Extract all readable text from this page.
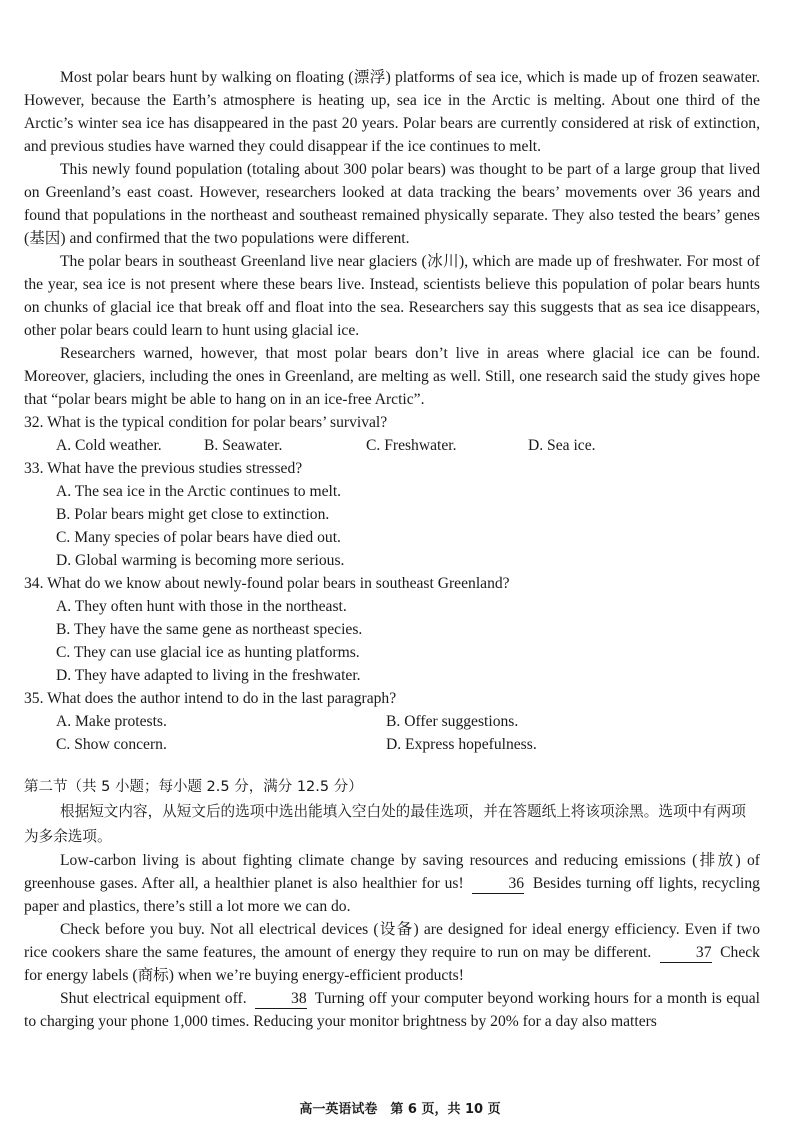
Most polar bears hunt by walking on floating (漂浮) platforms of sea ice, which is made up of frozen seawater. However, because the Earth’s atmosphere is heating up, sea ice in the Arctic is melting. About one third of the Arctic’s winter sea ice has disappeared in the past 20 years. Polar bears are currently considered at risk of extinction, and previous studies have warned they could disappear if the ice continues to melt.

This newly found population (totaling about 300 polar bears) was thought to be part of a large group that lived on Greenland’s east coast. However, researchers looked at data tracking the bears’ movements over 36 years and found that populations in the northeast and southeast remained physically separate. They also tested the bears’ genes (基因) and confirmed that the two populations were different.

The polar bears in southeast Greenland live near glaciers (冰川), which are made up of freshwater. For most of the year, sea ice is not present where these bears live. Instead, scientists believe this population of polar bears hunts on chunks of glacial ice that break off and float into the sea. Researchers say this suggests that as sea ice disappears, other polar bears could learn to hunt using glacial ice.

Researchers warned, however, that most polar bears don’t live in areas where glacial ice can be found. Moreover, glaciers, including the ones in Greenland, are melting as well. Still, one research said the study gives hope that “polar bears might be able to hang on in an ice-free Arctic”.

32. What is the typical condition for polar bears’ survival?

A. Cold weather.	B. Seawater.	C. Freshwater.	D. Sea ice.

33. What have the previous studies stressed?

A. The sea ice in the Arctic continues to melt.

B. Polar bears might get close to extinction.

C. Many species of polar bears have died out.

D. Global warming is becoming more serious.

34. What do we know about newly-found polar bears in southeast Greenland?

A. They often hunt with those in the northeast.

B. They have the same gene as northeast species.

C. They can use glacial ice as hunting platforms.

D. They have adapted to living in the freshwater.

35. What does the author intend to do in the last paragraph?

A. Make protests.	B. Offer suggestions.
C. Show concern.	D. Express hopefulness.

第二节（共 5 小题；每小题 2.5 分，满分 12.5 分）

根据短文内容，从短文后的选项中选出能填入空白处的最佳选项，并在答题纸上将该项涂黑。选项中有两项为多余选项。

Low-carbon living is about fighting climate change by saving resources and reducing emissions (排放) of greenhouse gases. After all, a healthier planet is also healthier for us!	36 Besides turning off lights, recycling paper and plastics, there’s still a lot more we can do.

Check before you buy. Not all electrical devices (设备) are designed for ideal energy efficiency. Even if two rice cookers share the same features, the amount of energy they require to run on may be different.	37 Check for energy labels (商标) when we’re buying energy-efficient products!

Shut electrical equipment off.	38 Turning off your computer beyond working hours for a month is equal to charging your phone 1,000 times. Reducing your monitor brightness by 20% for a day also matters

高一英语试卷　第 6 页，共 10 页
